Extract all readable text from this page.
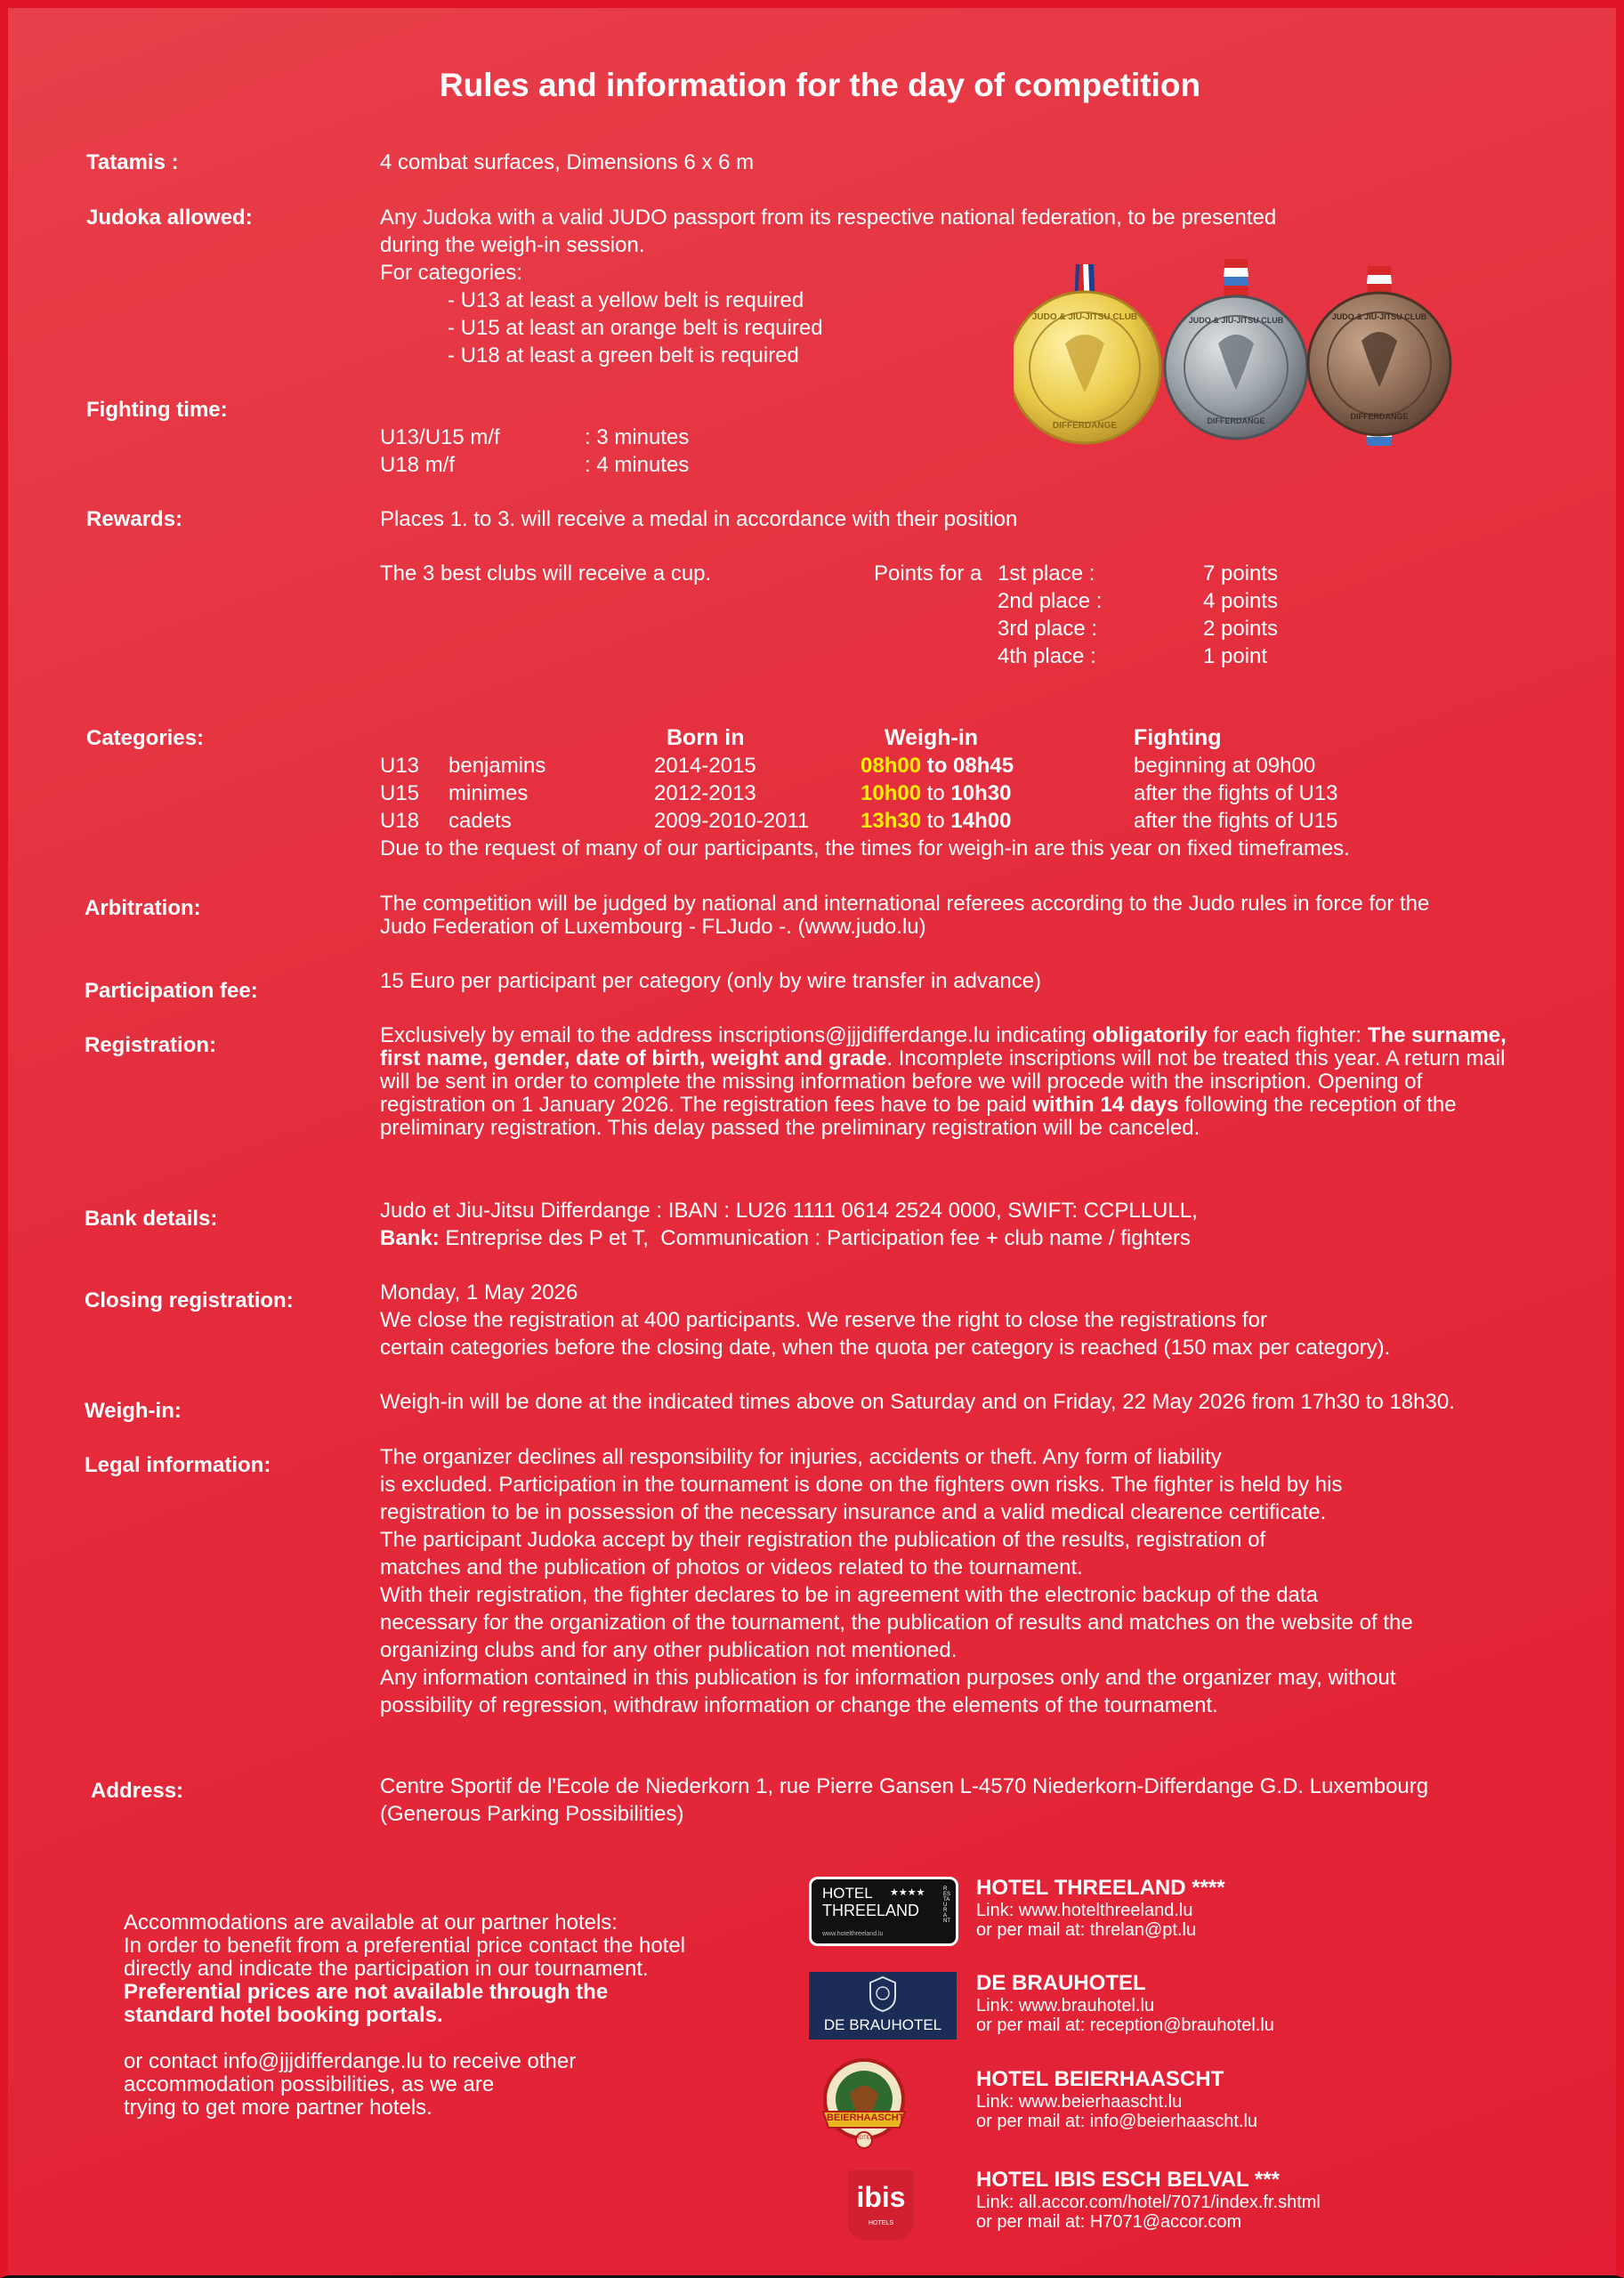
Rules and information for the day of competition
Tatamis :	4 combat surfaces, Dimensions 6 x 6 m
Judoka allowed:	Any Judoka with a valid JUDO passport from its respective national federation, to be presented
during the weigh-in session.
For categories:
- U13 at least a yellow belt is required
- U15 at least an orange belt is required
- U18 at least a green belt is required
JUDO & JIU-JITSU CLUB
DIFFERDANGE
JUDO & JIU-JITSU CLUB
DIFFERDANGE
JUDO & JIU-JITSU CLUB
DIFFERDANGE
Fighting time:
U13/U15 m/f	: 3 minutes
U18 m/f	: 4 minutes
Rewards:	Places 1. to 3. will receive a medal in accordance with their position
The 3 best clubs will receive a cup.	Points for a 1st place :	7 points
2nd place :	4 points
3rd place :	2 points
4th place :	1 point
Categories:	Born in	Weigh-in	Fighting
U13 benjamins	2014-2015	08h00 to 08h45	beginning at 09h00
U15 minimes	2012-2013	10h00 to 10h30	after the fights of U13
U18 cadets	2009-2010-2011 13h30 to 14h00	after the fights of U15
Due to the request of many of our participants, the times for weigh-in are this year on fixed timeframes.
Arbitration:	The competition will be judged by national and international referees according to the Judo rules in force for the
Judo Federation of Luxembourg - FLJudo -. (www.judo.lu)
Participation fee:	15 Euro per participant per category (only by wire transfer in advance)
Registration:	Exclusively by email to the address inscriptions@jjjdifferdange.lu indicating obligatorily for each fighter: The surname, first name, gender, date of birth, weight and grade. Incomplete inscriptions will not be treated this year. A return mail will be sent in order to complete the missing information before we will procede with the inscription. Opening of registration on 1 January 2026. The registration fees have to be paid within 14 days following the reception of the preliminary registration. This delay passed the preliminary registration will be canceled.
Bank details:	Judo et Jiu-Jitsu Differdange : IBAN : LU26 1111 0614 2524 0000, SWIFT: CCPLLULL,
Bank: Entreprise des P et T,  Communication : Participation fee + club name / fighters
Closing registration:	Monday, 1 May 2026
We close the registration at 400 participants. We reserve the right to close the registrations for
certain categories before the closing date, when the quota per category is reached (150 max per category).
Weigh-in:	Weigh-in will be done at the indicated times above on Saturday and on Friday, 22 May 2026 from 17h30 to 18h30.
Legal information:	The organizer declines all responsibility for injuries, accidents or theft. Any form of liability
is excluded. Participation in the tournament is done on the fighters own risks. The fighter is held by his
registration to be in possession of the necessary insurance and a valid medical clearence certificate.
The participant Judoka accept by their registration the publication of the results, registration of
matches and the publication of photos or videos related to the tournament.
With their registration, the fighter declares to be in agreement with the electronic backup of the data
necessary for the organization of the tournament, the publication of results and matches on the website of the
organizing clubs and for any other publication not mentioned.
Any information contained in this publication is for information purposes only and the organizer may, without
possibility of regression, withdraw information or change the elements of the tournament.
Address:	Centre Sportif de l'Ecole de Niederkorn 1, rue Pierre Gansen L-4570 Niederkorn-Differdange G.D. Luxembourg
(Generous Parking Possibilities)
Accommodations are available at our partner hotels:
In order to benefit from a preferential price contact the hotel
directly and indicate the participation in our tournament.
Preferential prices are not available through the
standard hotel booking portals.
or contact info@jjjdifferdange.lu to receive other
accommodation possibilities, as we are
trying to get more partner hotels.
HOTEL ★★★★
THREELAND
www.hotelthreeland.lu
RESTAURANT
HOTEL THREELAND ****
Link: www.hotelthreeland.lu
or per mail at: threlan@pt.lu
DE BRAUHOTEL
DE BRAUHOTEL
Link: www.brauhotel.lu
or per mail at: reception@brauhotel.lu
BEIERHAASCHT
HOTEL
HOTEL BEIERHAASCHT
Link: www.beierhaascht.lu
or per mail at: info@beierhaascht.lu
ibis
HOTELS
HOTEL IBIS ESCH BELVAL ***
Link: all.accor.com/hotel/7071/index.fr.shtml
or per mail at: H7071@accor.com
